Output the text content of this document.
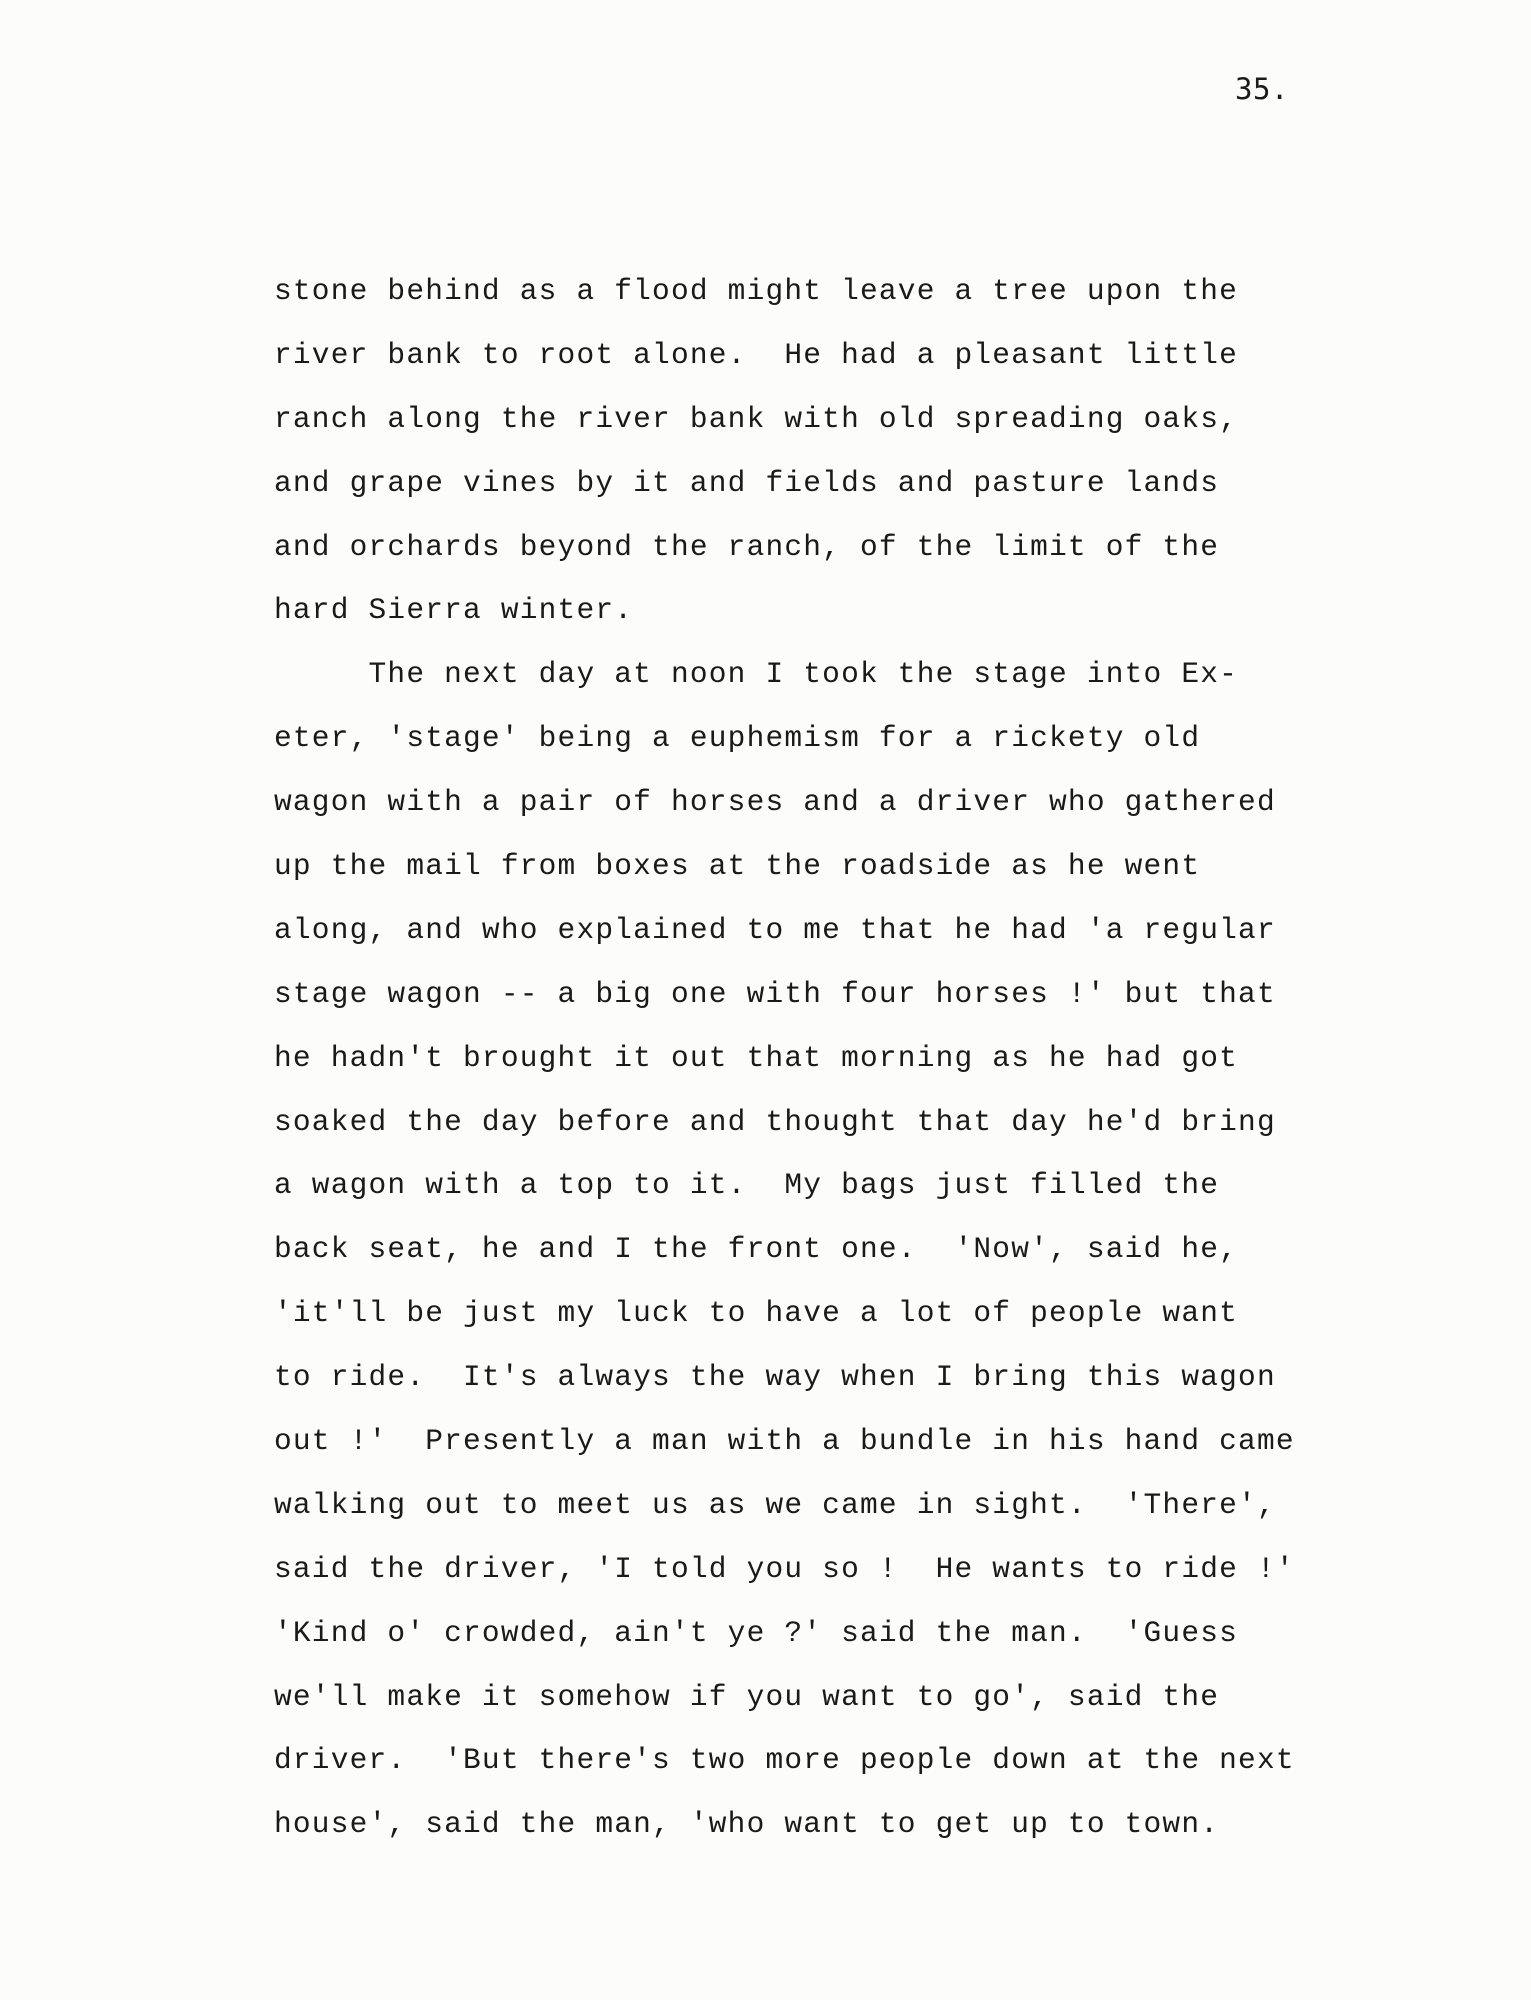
35.
stone behind as a flood might leave a tree upon the
river bank to root alone.  He had a pleasant little
ranch along the river bank with old spreading oaks,
and grape vines by it and fields and pasture lands
and orchards beyond the ranch, of the limit of the
hard Sierra winter.
The next day at noon I took the stage into Ex-
eter, 'stage' being a euphemism for a rickety old
wagon with a pair of horses and a driver who gathered
up the mail from boxes at the roadside as he went
along, and who explained to me that he had 'a regular
stage wagon -- a big one with four horses !' but that
he hadn't brought it out that morning as he had got
soaked the day before and thought that day he'd bring
a wagon with a top to it.  My bags just filled the
back seat, he and I the front one.  'Now', said he,
'it'll be just my luck to have a lot of people want
to ride.  It's always the way when I bring this wagon
out !'  Presently a man with a bundle in his hand came
walking out to meet us as we came in sight.  'There',
said the driver, 'I told you so !  He wants to ride !'
'Kind o' crowded, ain't ye ?' said the man.  'Guess
we'll make it somehow if you want to go', said the
driver.  'But there's two more people down at the next
house', said the man, 'who want to get up to town.
